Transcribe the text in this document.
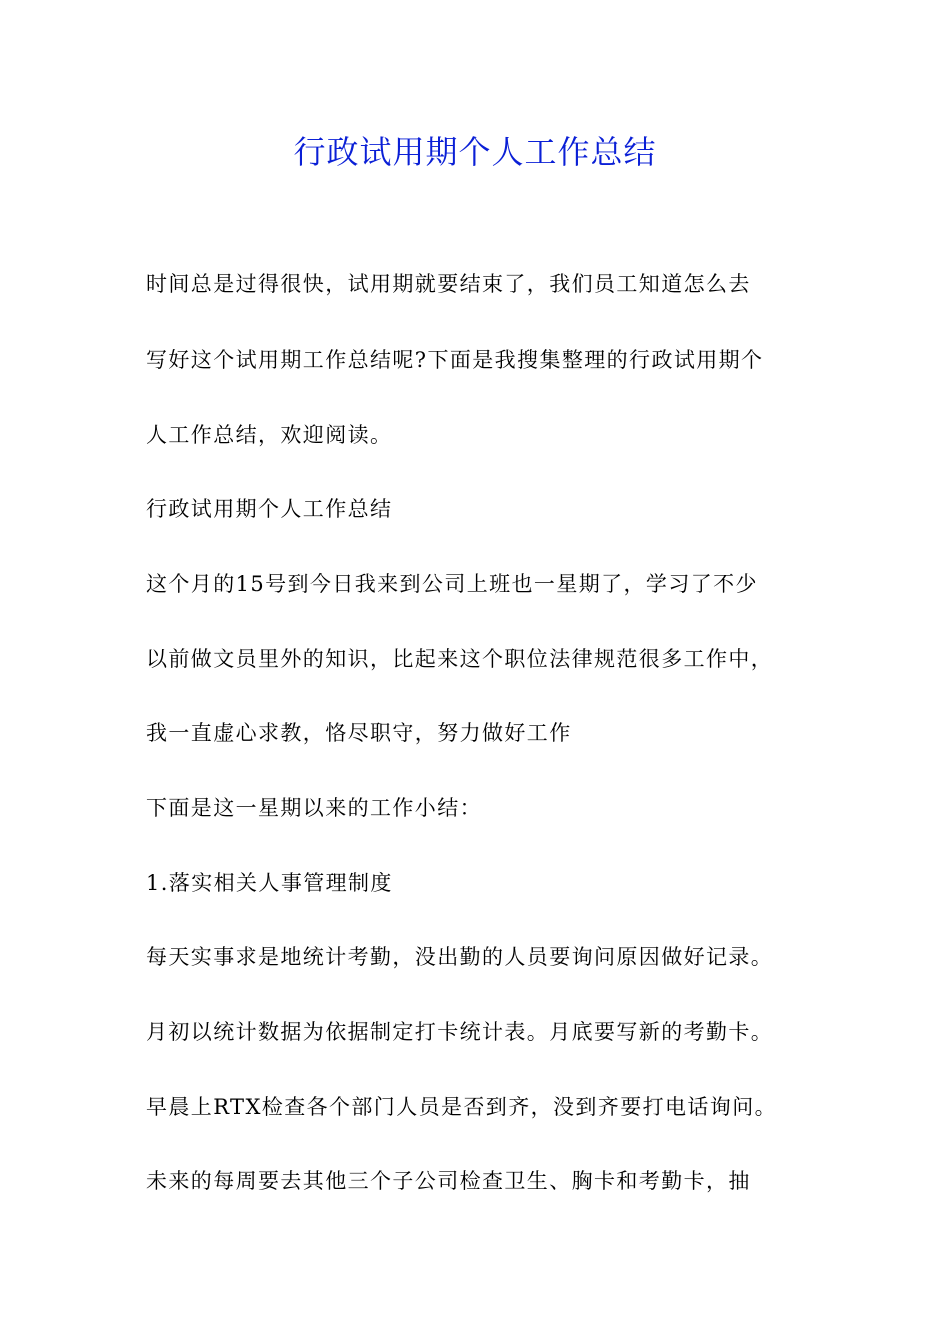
行政试用期个人工作总结
时间总是过得很快，试用期就要结束了，我们员工知道怎么去
写好这个试用期工作总结呢?下面是我搜集整理的行政试用期个
人工作总结，欢迎阅读。
行政试用期个人工作总结
这个月的15号到今日我来到公司上班也一星期了，学习了不少
以前做文员里外的知识，比起来这个职位法律规范很多工作中，
我一直虚心求教，恪尽职守，努力做好工作
下面是这一星期以来的工作小结：
1.落实相关人事管理制度
每天实事求是地统计考勤，没出勤的人员要询问原因做好记录。
月初以统计数据为依据制定打卡统计表。月底要写新的考勤卡。
早晨上RTX检查各个部门人员是否到齐，没到齐要打电话询问。
未来的每周要去其他三个子公司检查卫生、胸卡和考勤卡，抽
